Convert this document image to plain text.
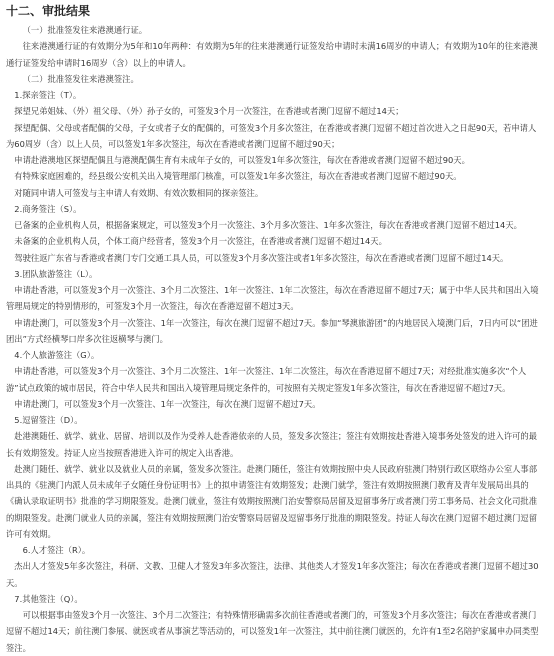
十二、审批结果

（一）批准签发往来港澳通行证。

往来港澳通行证的有效期分为5年和10年两种：有效期为5年的往来港澳通行证签发给申请时未满16周岁的申请人；有效期为10年的往来港澳通行证签发给申请时16周岁（含）以上的申请人。

（二）批准签发往来港澳签注。

1.探亲签注（T）。

探望兄弟姐妹、（外）祖父母、（外）孙子女的，可签发3个月一次签注，在香港或者澳门逗留不超过14天；

探望配偶、父母或者配偶的父母，子女或者子女的配偶的，可签发3个月多次签注，在香港或者澳门逗留不超过首次进入之日起90天，若申请人为60周岁（含）以上人员，可以签发1年多次签注，每次在香港或者澳门逗留不超过90天；

申请赴港澳地区探望配偶且与港澳配偶生育有未成年子女的，可以签发1年多次签注，每次在香港或者澳门逗留不超过90天。

有特殊家庭困难的，经县级公安机关出入境管理部门核准，可以签发1年多次签注，每次在香港或者澳门逗留不超过90天。

对随同申请人可签发与主申请人有效期、有效次数相同的探亲签注。

2.商务签注（S）。

已备案的企业机构人员，根据备案规定，可以签发3个月一次签注、3个月多次签注、1年多次签注，每次在香港或者澳门逗留不超过14天。

未备案的企业机构人员，个体工商户经营者，签发3个月一次签注，在香港或者澳门逗留不超过14天。

驾驶往返广东省与香港或者澳门专门交通工具人员，可以签发3个月多次签注或者1年多次签注，每次在香港或者澳门逗留不超过14天。

3.团队旅游签注（L）。

申请赴香港，可以签发3个月一次签注、3个月二次签注、1年一次签注、1年二次签注，每次在香港逗留不超过7天；属于中华人民共和国出入境管理局规定的特别情形的，可签发3个月一次签注，每次在香港逗留不超过3天。

申请赴澳门，可以签发3个月一次签注、1年一次签注，每次在澳门逗留不超过7天。参加“琴澳旅游团”的内地居民入境澳门后，7日内可以“团进团出”方式经横琴口岸多次往返横琴与澳门。

4.个人旅游签注（G）。

申请赴香港，可以签发3个月一次签注、3个月二次签注、1年一次签注、1年二次签注，每次在香港逗留不超过7天；对经批准实施多次“个人游”试点政策的城市居民，符合中华人民共和国出入境管理局规定条件的，可按照有关规定签发1年多次签注，每次在香港逗留不超过7天。

申请赴澳门，可以签发3个月一次签注、1年一次签注，每次在澳门逗留不超过7天。

5.逗留签注（D）。

赴港澳随任、就学、就业、居留、培训以及作为受养人赴香港依亲的人员，签发多次签注；签注有效期按赴香港入境事务处签发的进入许可的最长有效期签发。持证人应当按照香港进入许可的规定入出香港。

赴澳门随任、就学、就业以及就业人员的亲属，签发多次签注。赴澳门随任，签注有效期按照中央人民政府驻澳门特别行政区联络办公室人事部出具的《驻澳门内派人员未成年子女随任身份证明书》上的拟申请签注有效期签发；赴澳门就学，签注有效期按照澳门教育及青年发展局出具的《确认录取证明书》批准的学习期限签发。赴澳门就业，签注有效期按照澳门治安警察局居留及逗留事务厅或者澳门劳工事务局、社会文化司批准的期限签发。赴澳门就业人员的亲属，签注有效期按照澳门治安警察局居留及逗留事务厅批准的期限签发。持证人每次在澳门逗留不超过澳门逗留许可有效期。

6.人才签注（R）。

杰出人才签发5年多次签注，科研、文教、卫健人才签发3年多次签注，法律、其他类人才签发1年多次签注；每次在香港或者澳门逗留不超过30天。

7.其他签注（Q）。

可以根据事由签发3个月一次签注、3个月二次签注；有特殊情形确需多次前往香港或者澳门的，可签发3个月多次签注；每次在香港或者澳门逗留不超过14天；前往澳门参展、就医或者从事演艺等活动的，可以签发1年一次签注，其中前往澳门就医的，允许有1至2名陪护家属申办同类型签注。
